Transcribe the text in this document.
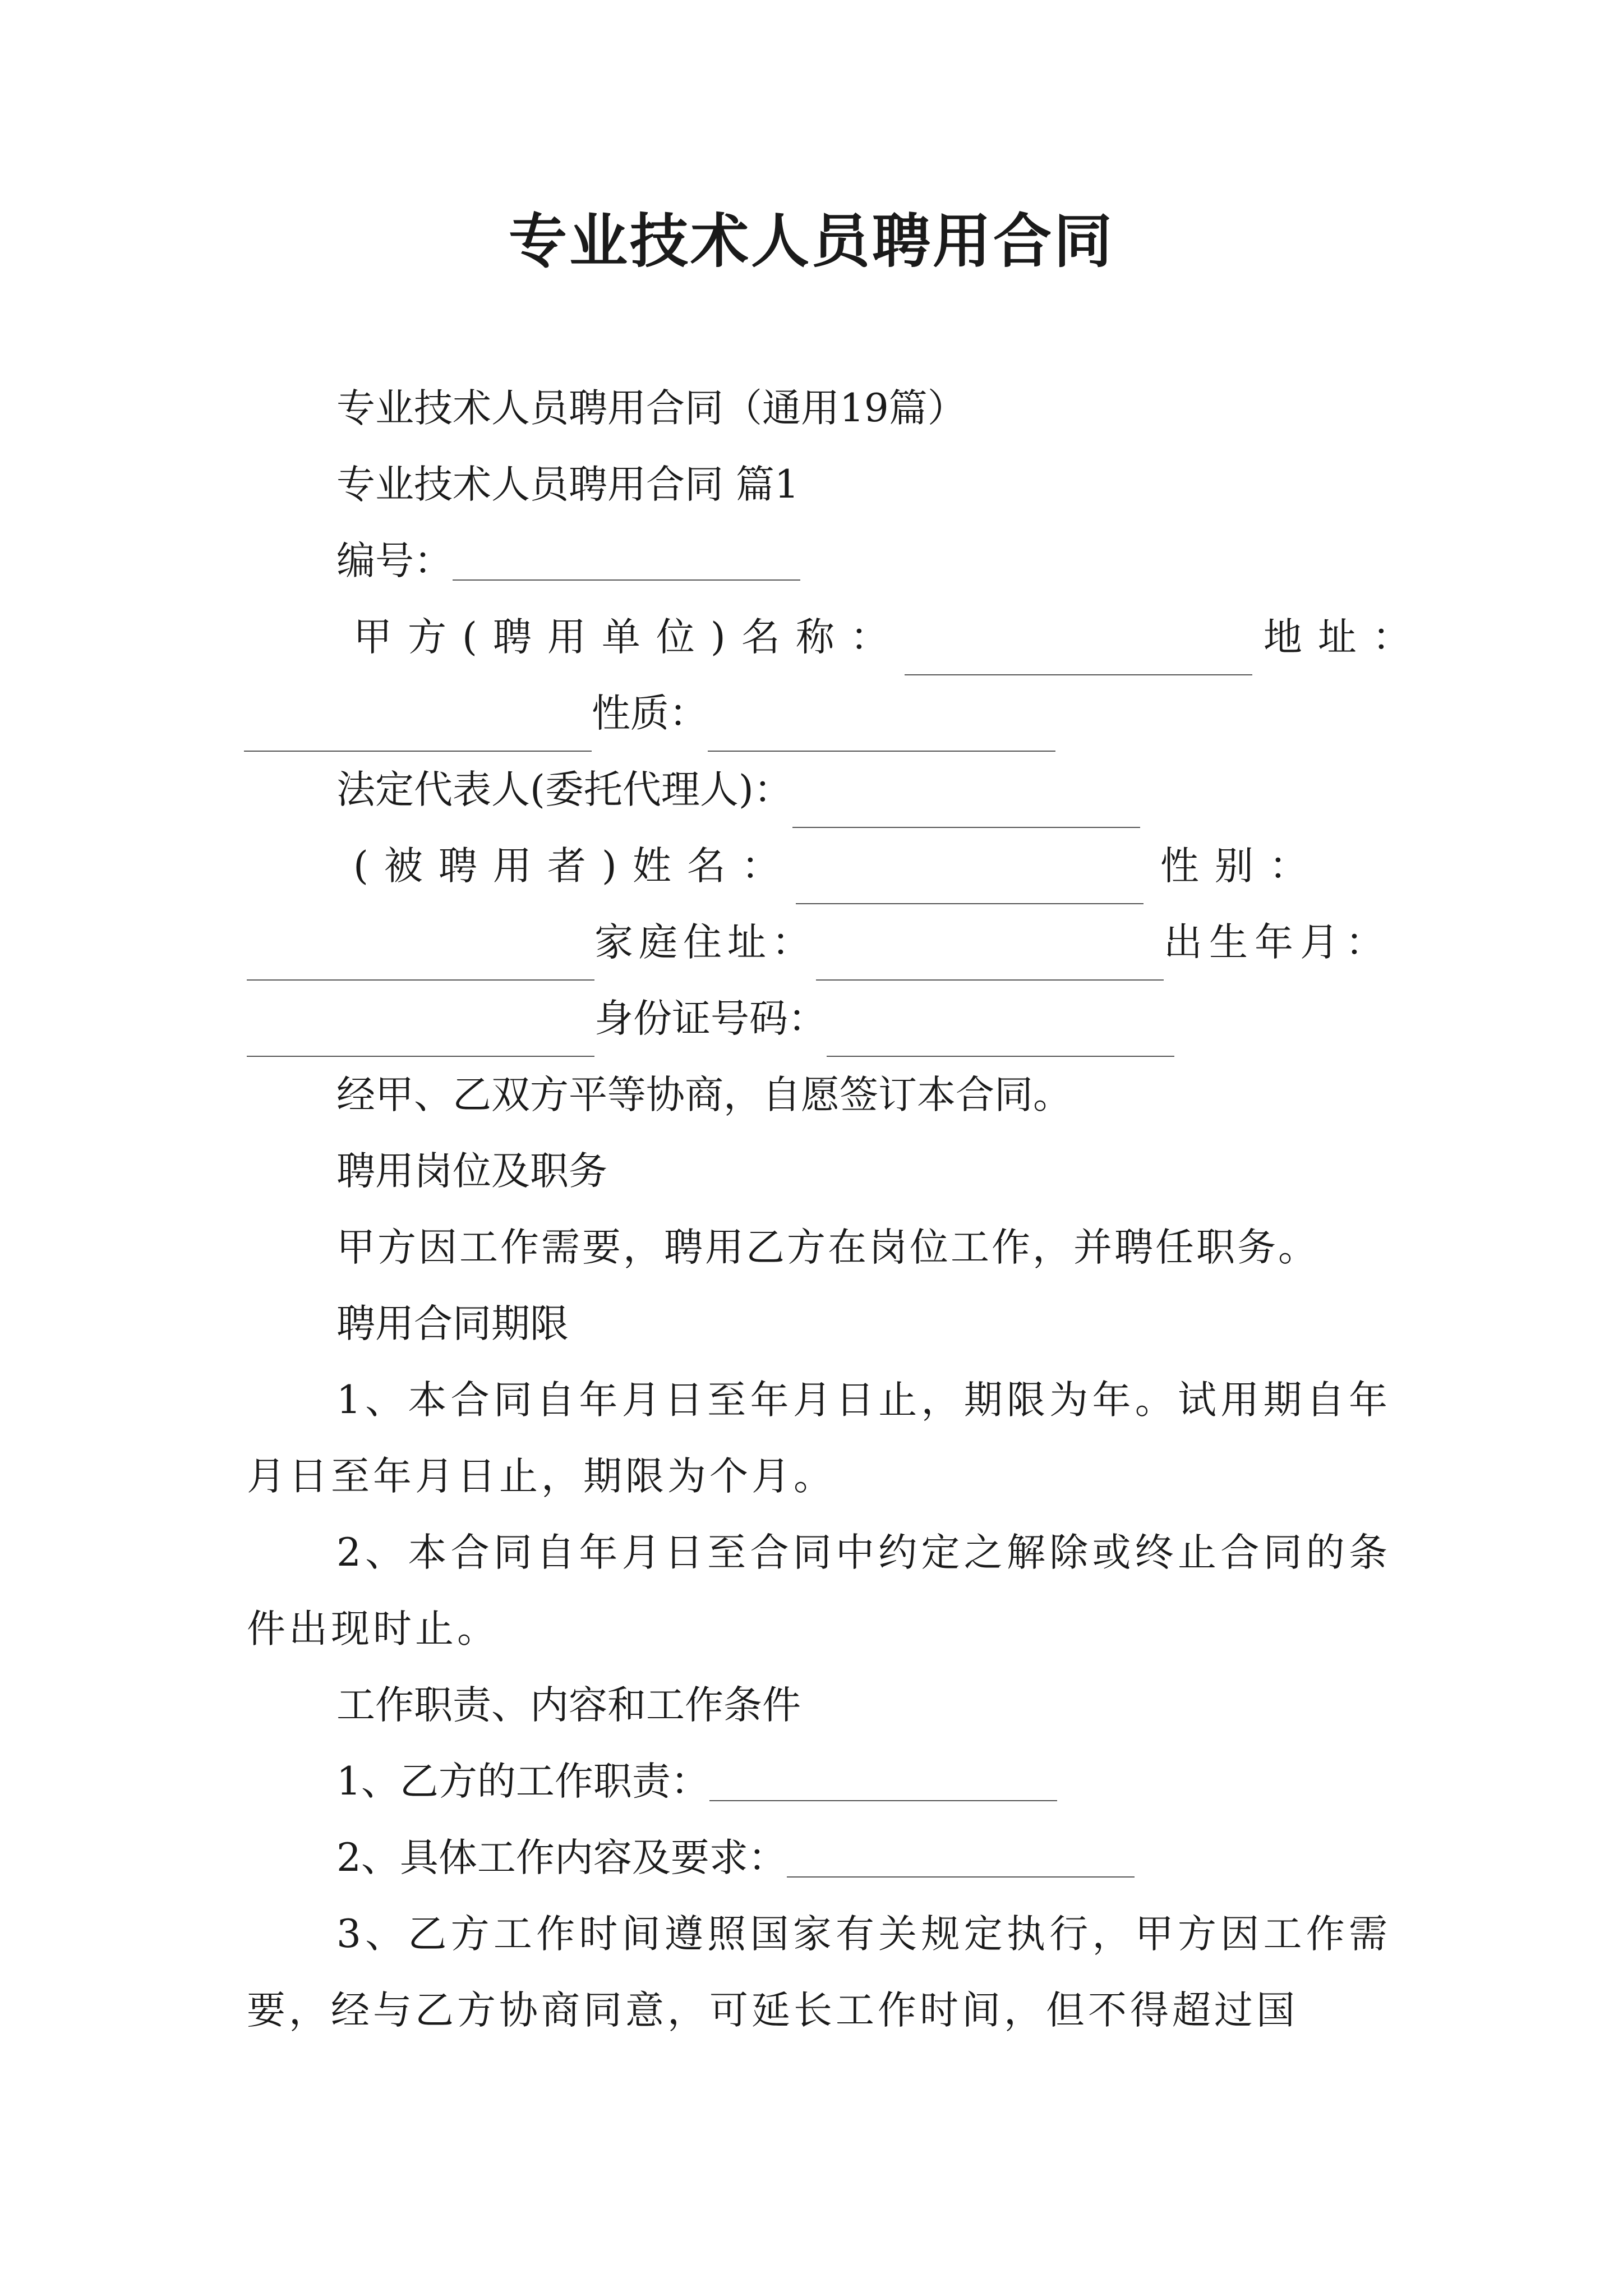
专业技术人员聘用合同

专业技术人员聘用合同（通用19篇）

专业技术人员聘用合同 篇1

编号：

甲方(聘用单位)名称：	地址：
性质：
法定代表人(委托代理人)：
(被聘用者)姓名：	性别：
家庭住址：	出生年月：
身份证号码：

经甲、乙双方平等协商，自愿签订本合同。

聘用岗位及职务

甲方因工作需要，聘用乙方在岗位工作，并聘任职务。

聘用合同期限

1、本合同自年月日至年月日止，期限为年。试用期自年月日至年月日止，期限为个月。

2、本合同自年月日至合同中约定之解除或终止合同的条件出现时止。

工作职责、内容和工作条件

1、乙方的工作职责：

2、具体工作内容及要求：

3、乙方工作时间遵照国家有关规定执行，甲方因工作需要，经与乙方协商同意，可延长工作时间，但不得超过国
